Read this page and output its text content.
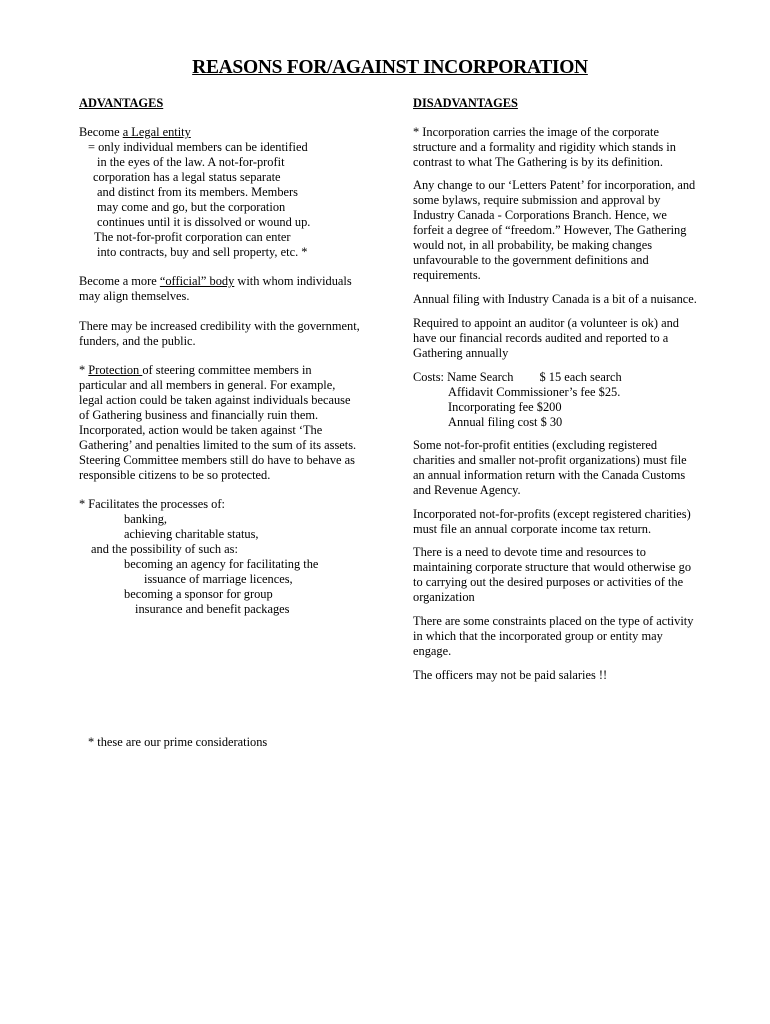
REASONS FOR/AGAINST INCORPORATION
ADVANTAGES	DISADVANTAGES
Become a Legal entity
= only individual members can be identified
in the eyes of the law. A not-for-profit
corporation has a legal status separate
and distinct from its members. Members
may come and go, but the corporation
continues until it is dissolved or wound up.
The not-for-profit corporation can enter
into contracts, buy and sell property, etc. *
Become a more “official” body with whom individuals
may align themselves.
There may be increased credibility with the government,
funders, and the public.
* Protection of steering committee members in
particular and all members in general. For example,
legal action could be taken against individuals because
of Gathering business and financially ruin them.
Incorporated, action would be taken against ‘The
Gathering’ and penalties limited to the sum of its assets.
Steering Committee members still do have to behave as
responsible citizens to be so protected.
* Facilitates the processes of:
banking,
achieving charitable status,
and the possibility of such as:
becoming an agency for facilitating the
issuance of marriage licences,
becoming a sponsor for group
insurance and benefit packages
* these are our prime considerations
* Incorporation carries the image of the corporate
structure and a formality and rigidity which stands in
contrast to what The Gathering is by its definition.
Any change to our ‘Letters Patent’ for incorporation, and
some bylaws, require submission and approval by
Industry Canada - Corporations Branch. Hence, we
forfeit a degree of “freedom.” However, The Gathering
would not, in all probability, be making changes
unfavourable to the government definitions and
requirements.
Annual filing with Industry Canada is a bit of a nuisance.
Required to appoint an auditor (a volunteer is ok) and
have our financial records audited and reported to a
Gathering annually
Costs: Name Search $ 15 each search
Affidavit Commissioner’s fee $25.
Incorporating fee $200
Annual filing cost $ 30
Some not-for-profit entities (excluding registered
charities and smaller not-profit organizations) must file
an annual information return with the Canada Customs
and Revenue Agency.
Incorporated not-for-profits (except registered charities)
must file an annual corporate income tax return.
There is a need to devote time and resources to
maintaining corporate structure that would otherwise go
to carrying out the desired purposes or activities of the
organization
There are some constraints placed on the type of activity
in which that the incorporated group or entity may
engage.
The officers may not be paid salaries !!
